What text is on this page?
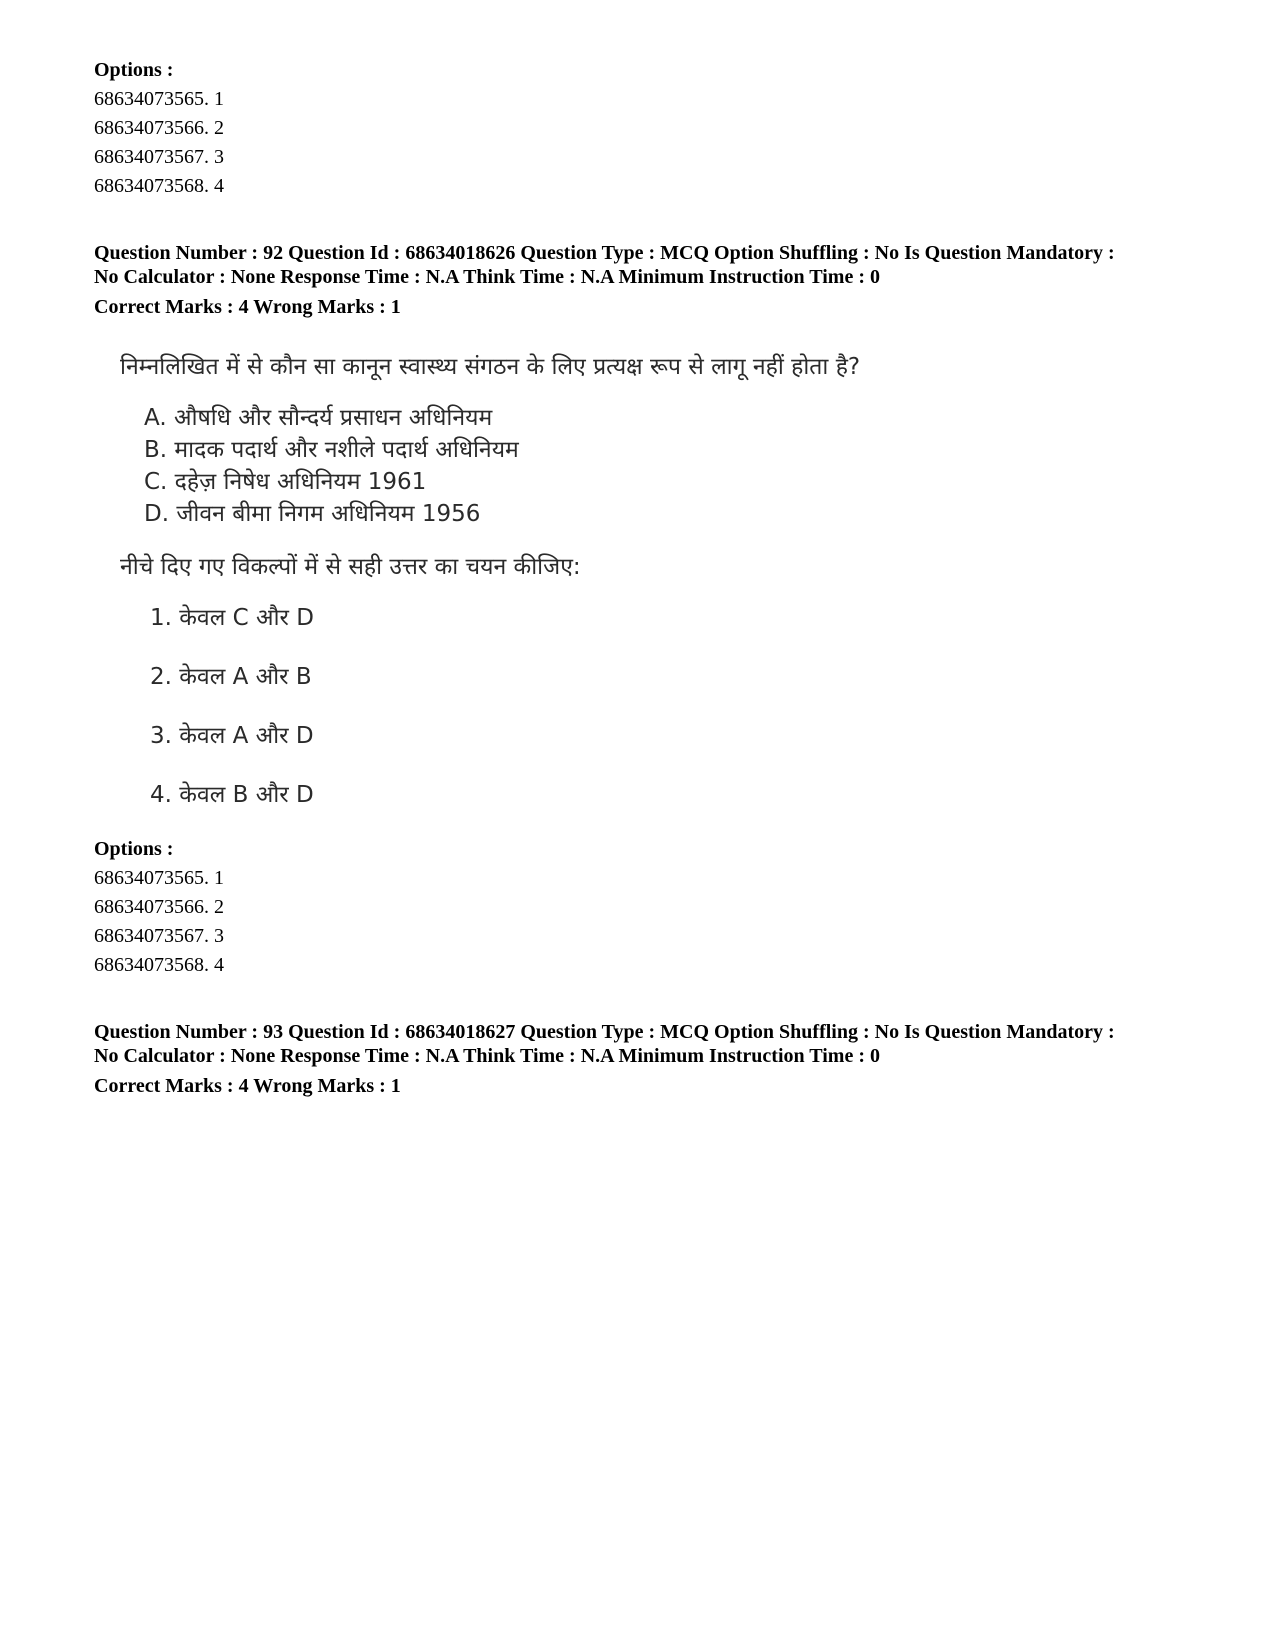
Options :
68634073565. 1
68634073566. 2
68634073567. 3
68634073568. 4
Question Number : 92 Question Id : 68634018626 Question Type : MCQ Option Shuffling : No Is Question Mandatory :
No Calculator : None Response Time : N.A Think Time : N.A Minimum Instruction Time : 0
Correct Marks : 4 Wrong Marks : 1
निम्नलिखित में से कौन सा कानून स्वास्थ्य संगठन के लिए प्रत्यक्ष रूप से लागू नहीं होता है?
A. औषधि और सौन्दर्य प्रसाधन अधिनियम
B. मादक पदार्थ और नशीले पदार्थ अधिनियम
C. दहेज़ निषेध अधिनियम 1961
D. जीवन बीमा निगम अधिनियम 1956
नीचे दिए गए विकल्पों में से सही उत्तर का चयन कीजिए:
1. केवल C और D
2. केवल A और B
3. केवल A और D
4. केवल B और D
Options :
68634073565. 1
68634073566. 2
68634073567. 3
68634073568. 4
Question Number : 93 Question Id : 68634018627 Question Type : MCQ Option Shuffling : No Is Question Mandatory :
No Calculator : None Response Time : N.A Think Time : N.A Minimum Instruction Time : 0
Correct Marks : 4 Wrong Marks : 1
